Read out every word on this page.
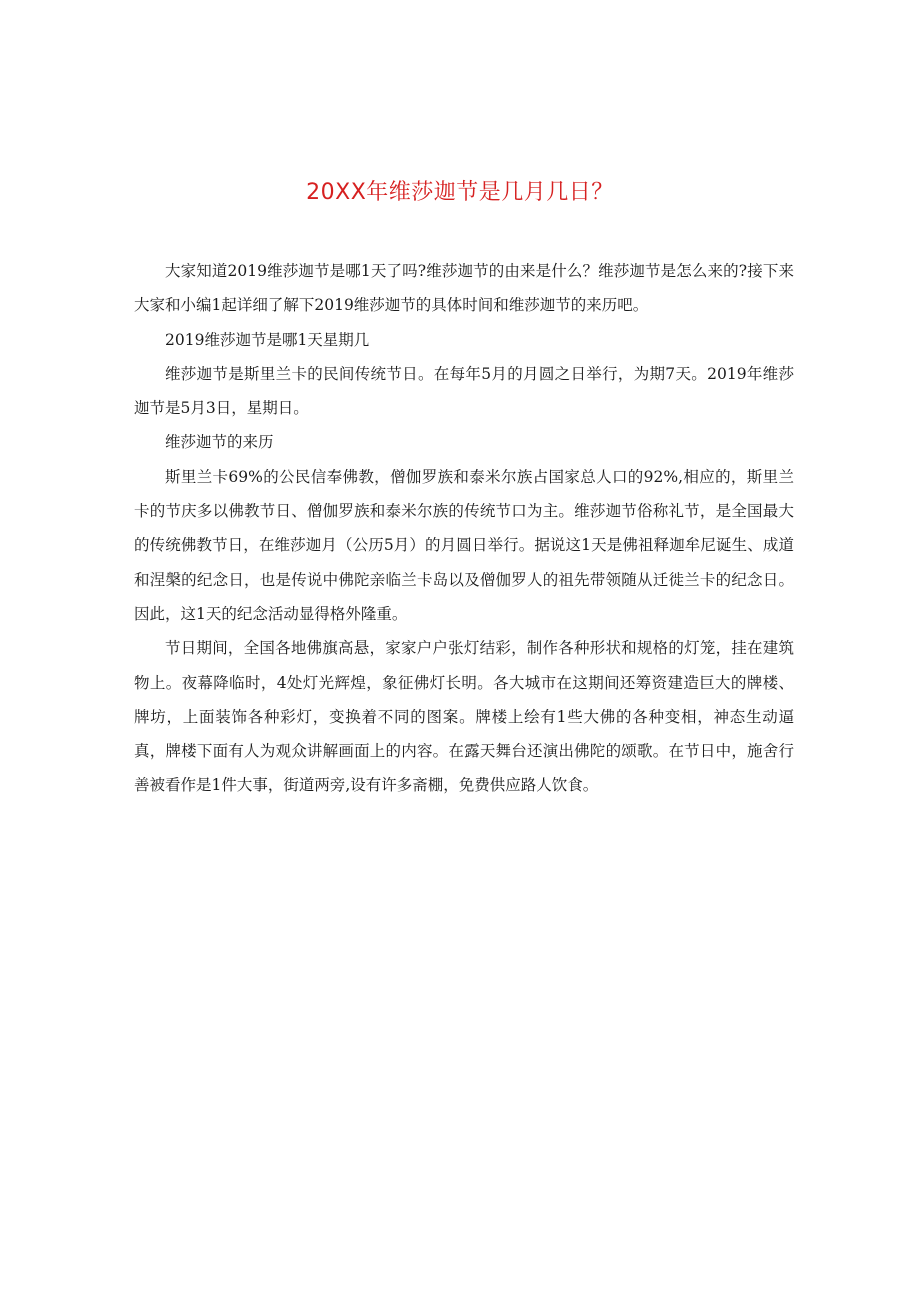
20XX年维莎迦节是几月几日？

大家知道2019维莎迦节是哪1天了吗?维莎迦节的由来是什么？维莎迦节是怎么来的?接下来大家和小编1起详细了解下2019维莎迦节的具体时间和维莎迦节的来历吧。

2019维莎迦节是哪1天星期几

维莎迦节是斯里兰卡的民间传统节日。在每年5月的月圆之日举行，为期7天。2019年维莎迦节是5月3日，星期日。

维莎迦节的来历

斯里兰卡69%的公民信奉佛教，僧伽罗族和泰米尔族占国家总人口的92%,相应的，斯里兰卡的节庆多以佛教节日、僧伽罗族和泰米尔族的传统节口为主。维莎迦节俗称礼节，是全国最大的传统佛教节日，在维莎迦月（公历5月）的月圆日举行。据说这1天是佛祖释迦牟尼诞生、成道和涅槃的纪念日，也是传说中佛陀亲临兰卡岛以及僧伽罗人的祖先带领随从迁徙兰卡的纪念日。因此，这1天的纪念活动显得格外隆重。

节日期间，全国各地佛旗高悬，家家户户张灯结彩，制作各种形状和规格的灯笼，挂在建筑物上。夜幕降临时，4处灯光辉煌，象征佛灯长明。各大城市在这期间还筹资建造巨大的牌楼、牌坊，上面装饰各种彩灯，变换着不同的图案。牌楼上绘有1些大佛的各种变相，神态生动逼真，牌楼下面有人为观众讲解画面上的内容。在露天舞台还演出佛陀的颂歌。在节日中，施舍行善被看作是1件大事，街道两旁,设有许多斋棚，免费供应路人饮食。
